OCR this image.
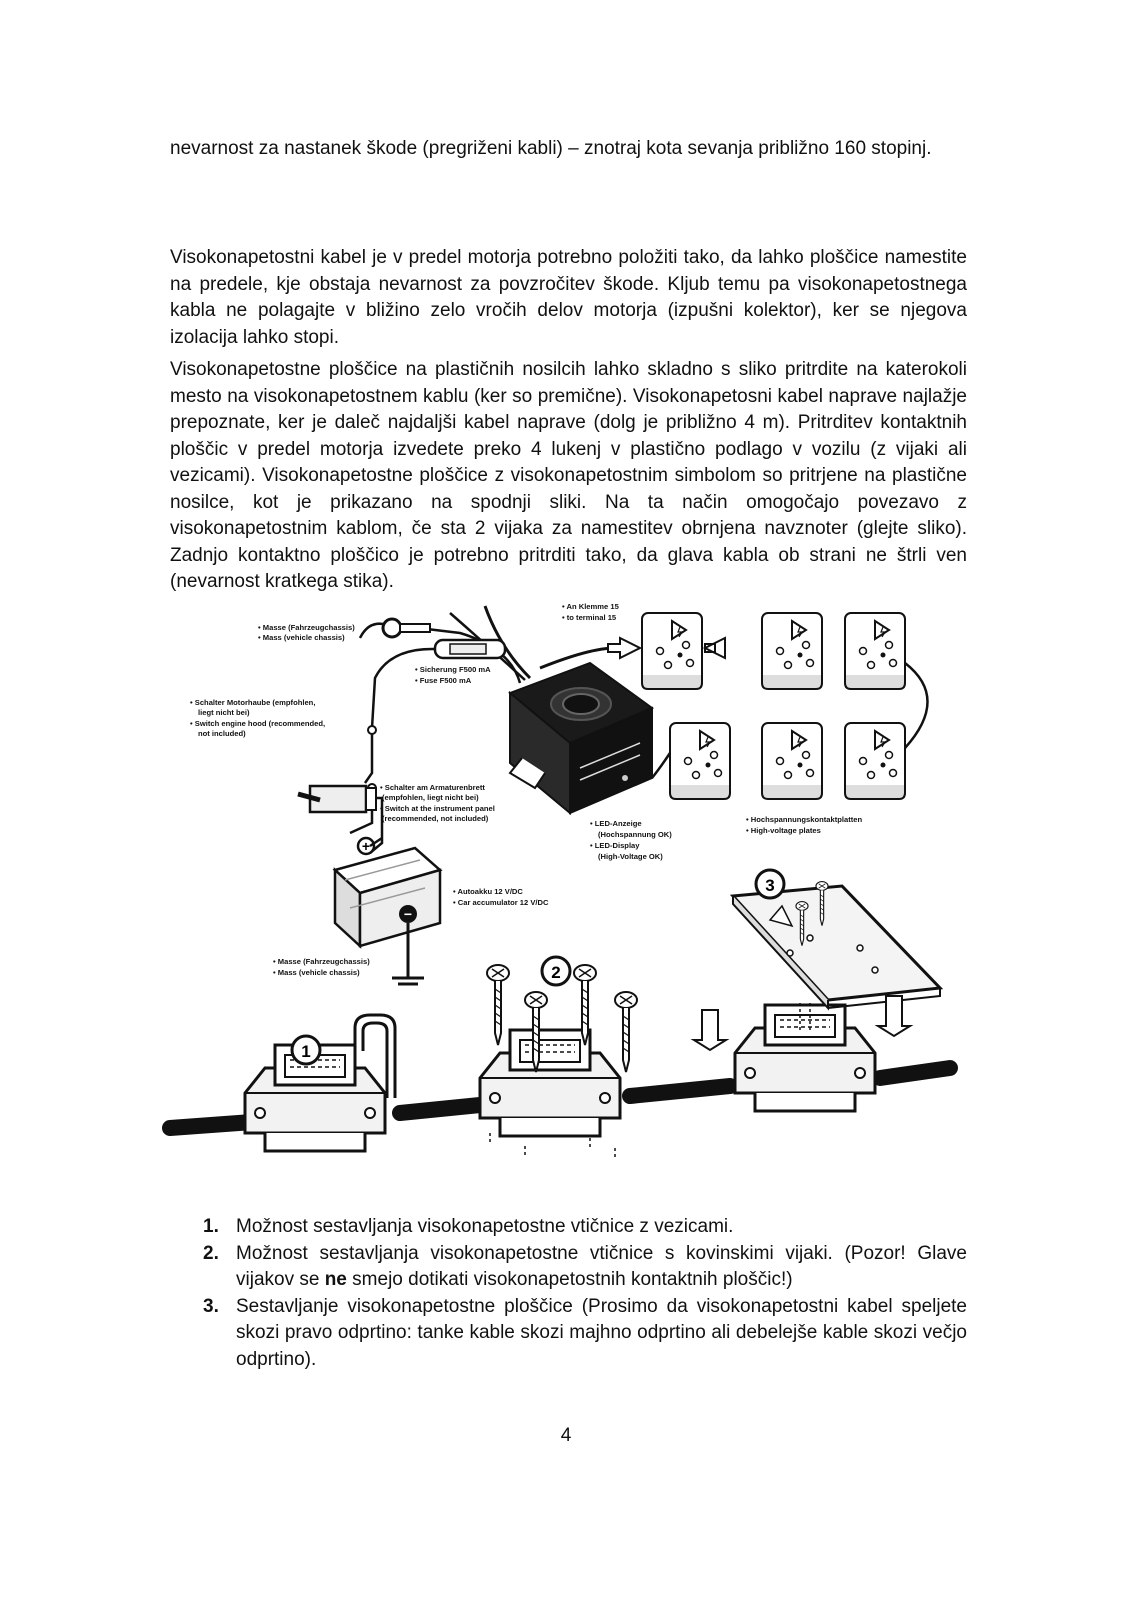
nevarnost za nastanek škode (pregriženi kabli) – znotraj kota sevanja približno 160 stopinj.

Visokonapetostni kabel je v predel motorja potrebno položiti tako, da lahko ploščice namestite na predele, kje obstaja nevarnost za povzročitev škode. Kljub temu pa visokonapetostnega kabla ne polagajte v bližino zelo vročih delov motorja (izpušni kolektor), ker se njegova izolacija lahko stopi.

Visokonapetostne ploščice na plastičnih nosilcih lahko skladno s sliko pritrdite na katerokoli mesto na visokonapetostnem kablu (ker so premične). Visokonapetosni kabel naprave najlažje prepoznate, ker je daleč najdaljši kabel naprave (dolg je približno 4 m). Pritrditev kontaktnih ploščic v predel motorja izvedete preko 4 lukenj v plastično podlago v vozilu (z vijaki ali vezicami). Visokonapetostne ploščice z visokonapetostnim simbolom so pritrjene na plastične nosilce, kot je prikazano na spodnji sliki. Na ta način omogočajo povezavo z visokonapetostnim kablom, če sta 2 vijaka za namestitev obrnjena navznoter (glejte sliko). Zadnjo kontaktno ploščico je potrebno pritrditi tako, da glava kabla ob strani ne štrli ven (nevarnost kratkega stika).

+
−
• An Klemme 15
• to terminal 15
• Masse (Fahrzeugchassis)
• Mass (vehicle chassis)
• Sicherung F500 mA
• Fuse F500 mA
• Schalter Motorhaube (empfohlen,
liegt nicht bei)
• Switch engine hood (recommended,
not included)
• Schalter am Armaturenbrett
(empfohlen, liegt nicht bei)
• Switch at the instrument panel
(recommended, not included)
• LED-Anzeige
(Hochspannung OK)
• LED-Display
(High-Voltage OK)
• Hochspannungskontaktplatten
• High-voltage plates
• Autoakku 12 V/DC
• Car accumulator 12 V/DC
• Masse (Fahrzeugchassis)
• Mass (vehicle chassis)
1
2
3
1. Možnost sestavljanja visokonapetostne vtičnice z vezicami.
2. Možnost sestavljanja visokonapetostne vtičnice s kovinskimi vijaki. (Pozor! Glave vijakov se ne smejo dotikati visokonapetostnih kontaktnih ploščic!)
3. Sestavljanje visokonapetostne ploščice (Prosimo da visokonapetostni kabel speljete skozi pravo odprtino: tanke kable skozi majhno odprtino ali debelejše kable skozi večjo odprtino).
4
